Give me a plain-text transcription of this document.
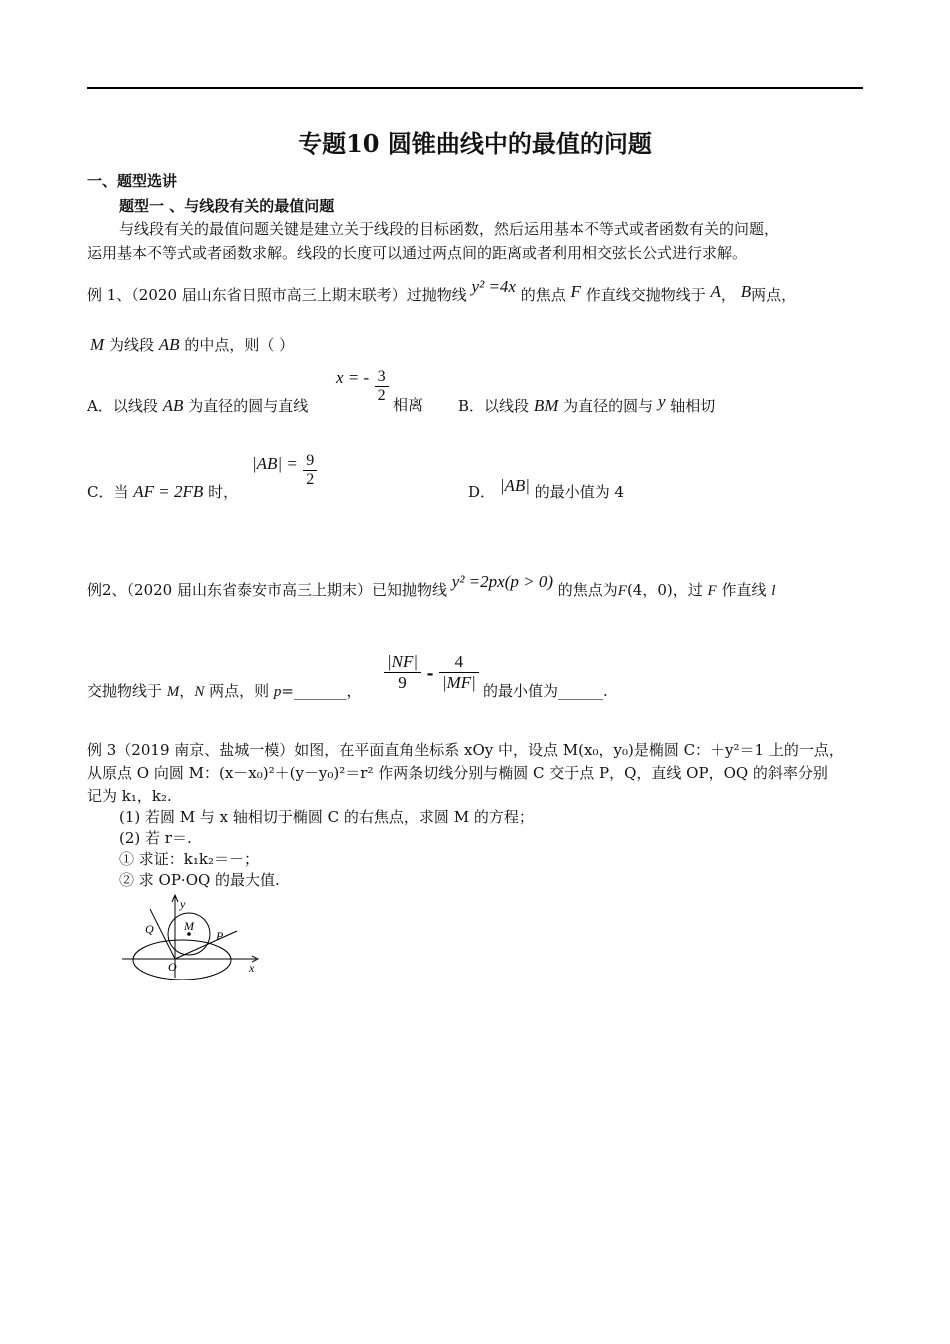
专题10 圆锥曲线中的最值的问题
一、题型选讲
题型一 、与线段有关的最值问题
与线段有关的最值问题关键是建立关于线段的目标函数，然后运用基本不等式或者函数有关的问题，
运用基本不等式或者函数求解。线段的长度可以通过两点间的距离或者利用相交弦长公式进行求解。
例 1、（2020 届山东省日照市高三上期末联考）过抛物线 y² =4x 的焦点 F 作直线交抛物线于 A， B两点，
M 为线段 AB 的中点，则（ ）
A．以线段 AB 为直径的圆与直线
x = - $\frac{3}{2}$ 相离 B．以线段 BM 为直径的圆与 y 轴相切
C．当 AF = 2FB 时，
$|AB| = \frac{9}{2}$
D． |AB| 的最小值为 4
例2、（2020 届山东省泰安市高三上期末）已知抛物线 y² =2px(p > 0) 的焦点为F(4，0)，过 F 作直线 l
交抛物线于 M，N 两点，则 p=_______， $\frac{|NF|}{9} - \frac{4}{|MF|}$ 的最小值为______.
例 3（2019 南京、盐城一模）如图，在平面直角坐标系 xOy 中，设点 M(x₀，y₀)是椭圆 C：＋y²＝1 上的一点，
从原点 O 向圆 M：(x－x₀)²＋(y－y₀)²＝r² 作两条切线分别与椭圆 C 交于点 P，Q，直线 OP，OQ 的斜率分别
记为 k₁，k₂.
(1) 若圆 M 与 x 轴相切于椭圆 C 的右焦点，求圆 M 的方程；
(2) 若 r＝.
① 求证：k₁k₂＝－；
② 求 OP·OQ 的最大值.
y
x
O
M
P
Q
